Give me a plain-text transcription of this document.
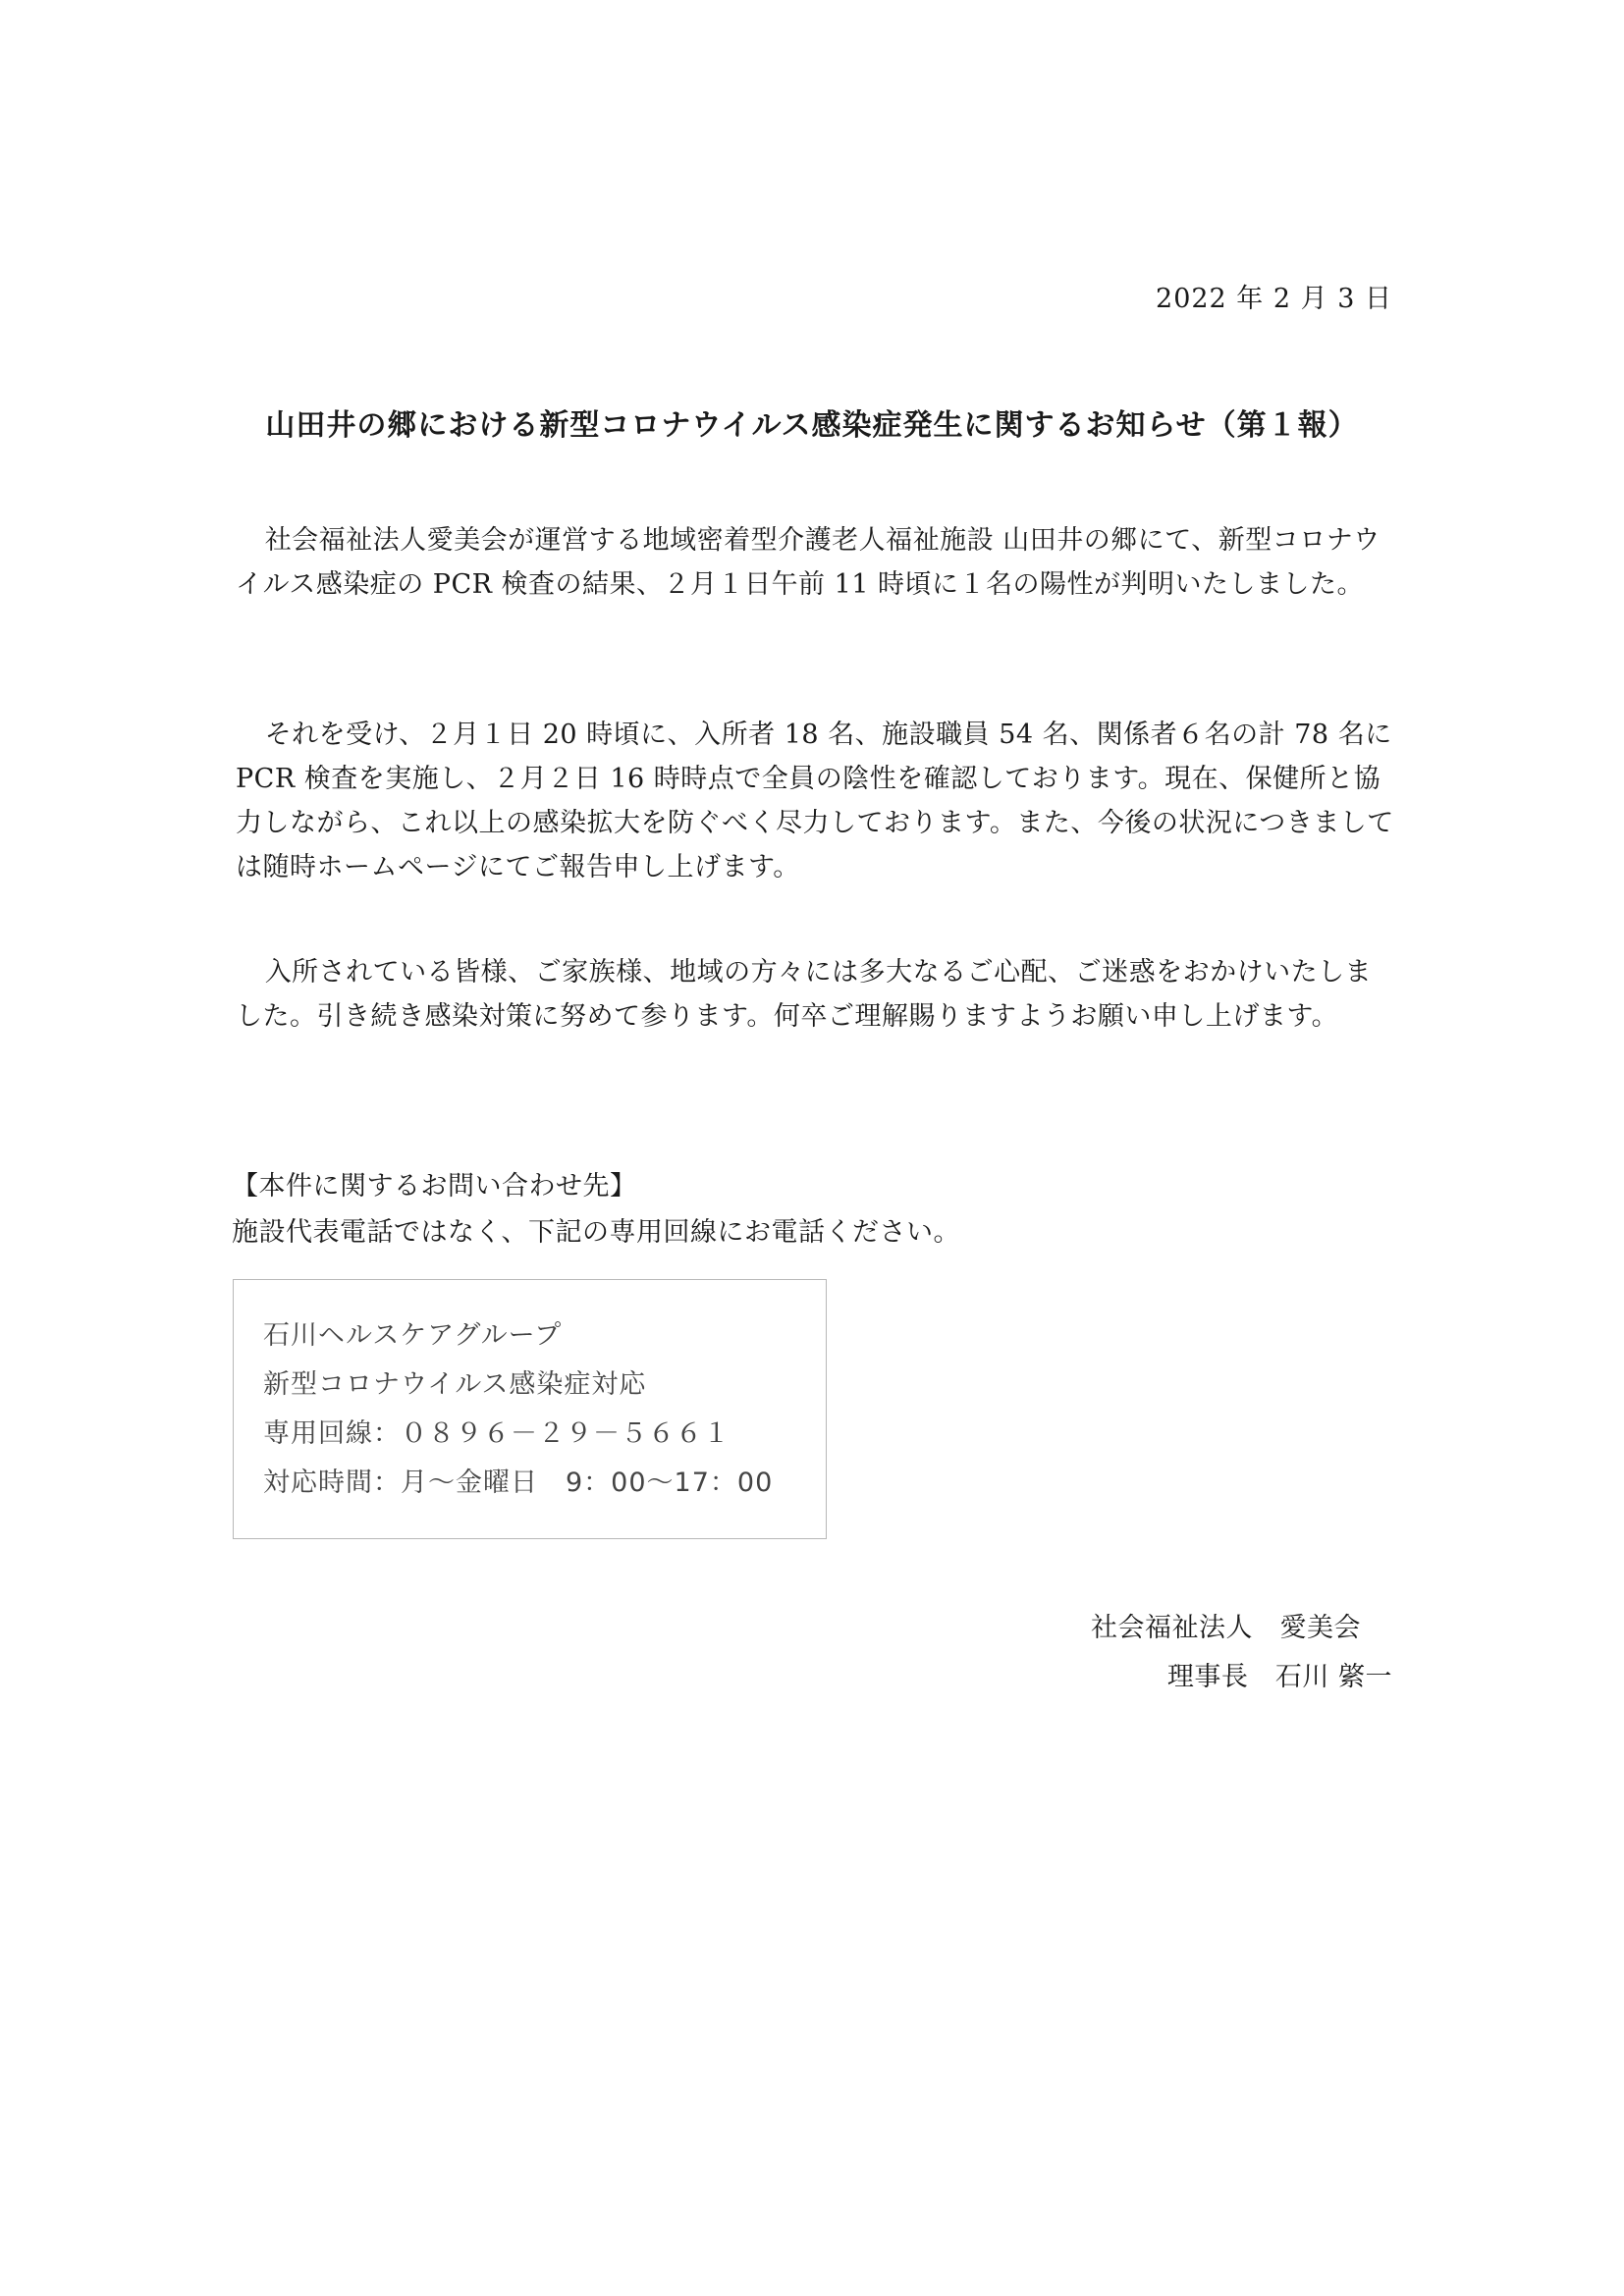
2022 年 2 月 3 日
山田井の郷における新型コロナウイルス感染症発生に関するお知らせ（第１報）

社会福祉法人愛美会が運営する地域密着型介護老人福祉施設 山田井の郷にて、新型コロナウイルス感染症の PCR 検査の結果、２月１日午前 11 時頃に１名の陽性が判明いたしました。

それを受け、２月１日 20 時頃に、入所者 18 名、施設職員 54 名、関係者６名の計 78 名に PCR 検査を実施し、２月２日 16 時時点で全員の陰性を確認しております。現在、保健所と協力しながら、これ以上の感染拡大を防ぐべく尽力しております。また、今後の状況につきましては随時ホームページにてご報告申し上げます。

入所されている皆様、ご家族様、地域の方々には多大なるご心配、ご迷惑をおかけいたしました。引き続き感染対策に努めて参ります。何卒ご理解賜りますようお願い申し上げます。

【本件に関するお問い合わせ先】
施設代表電話ではなく、下記の専用回線にお電話ください。
石川ヘルスケアグループ
新型コロナウイルス感染症対応
専用回線：０８９６－２９－５６６１
対応時間：月～金曜日　9：00～17：00
社会福祉法人　愛美会
理事長　石川 綮一
